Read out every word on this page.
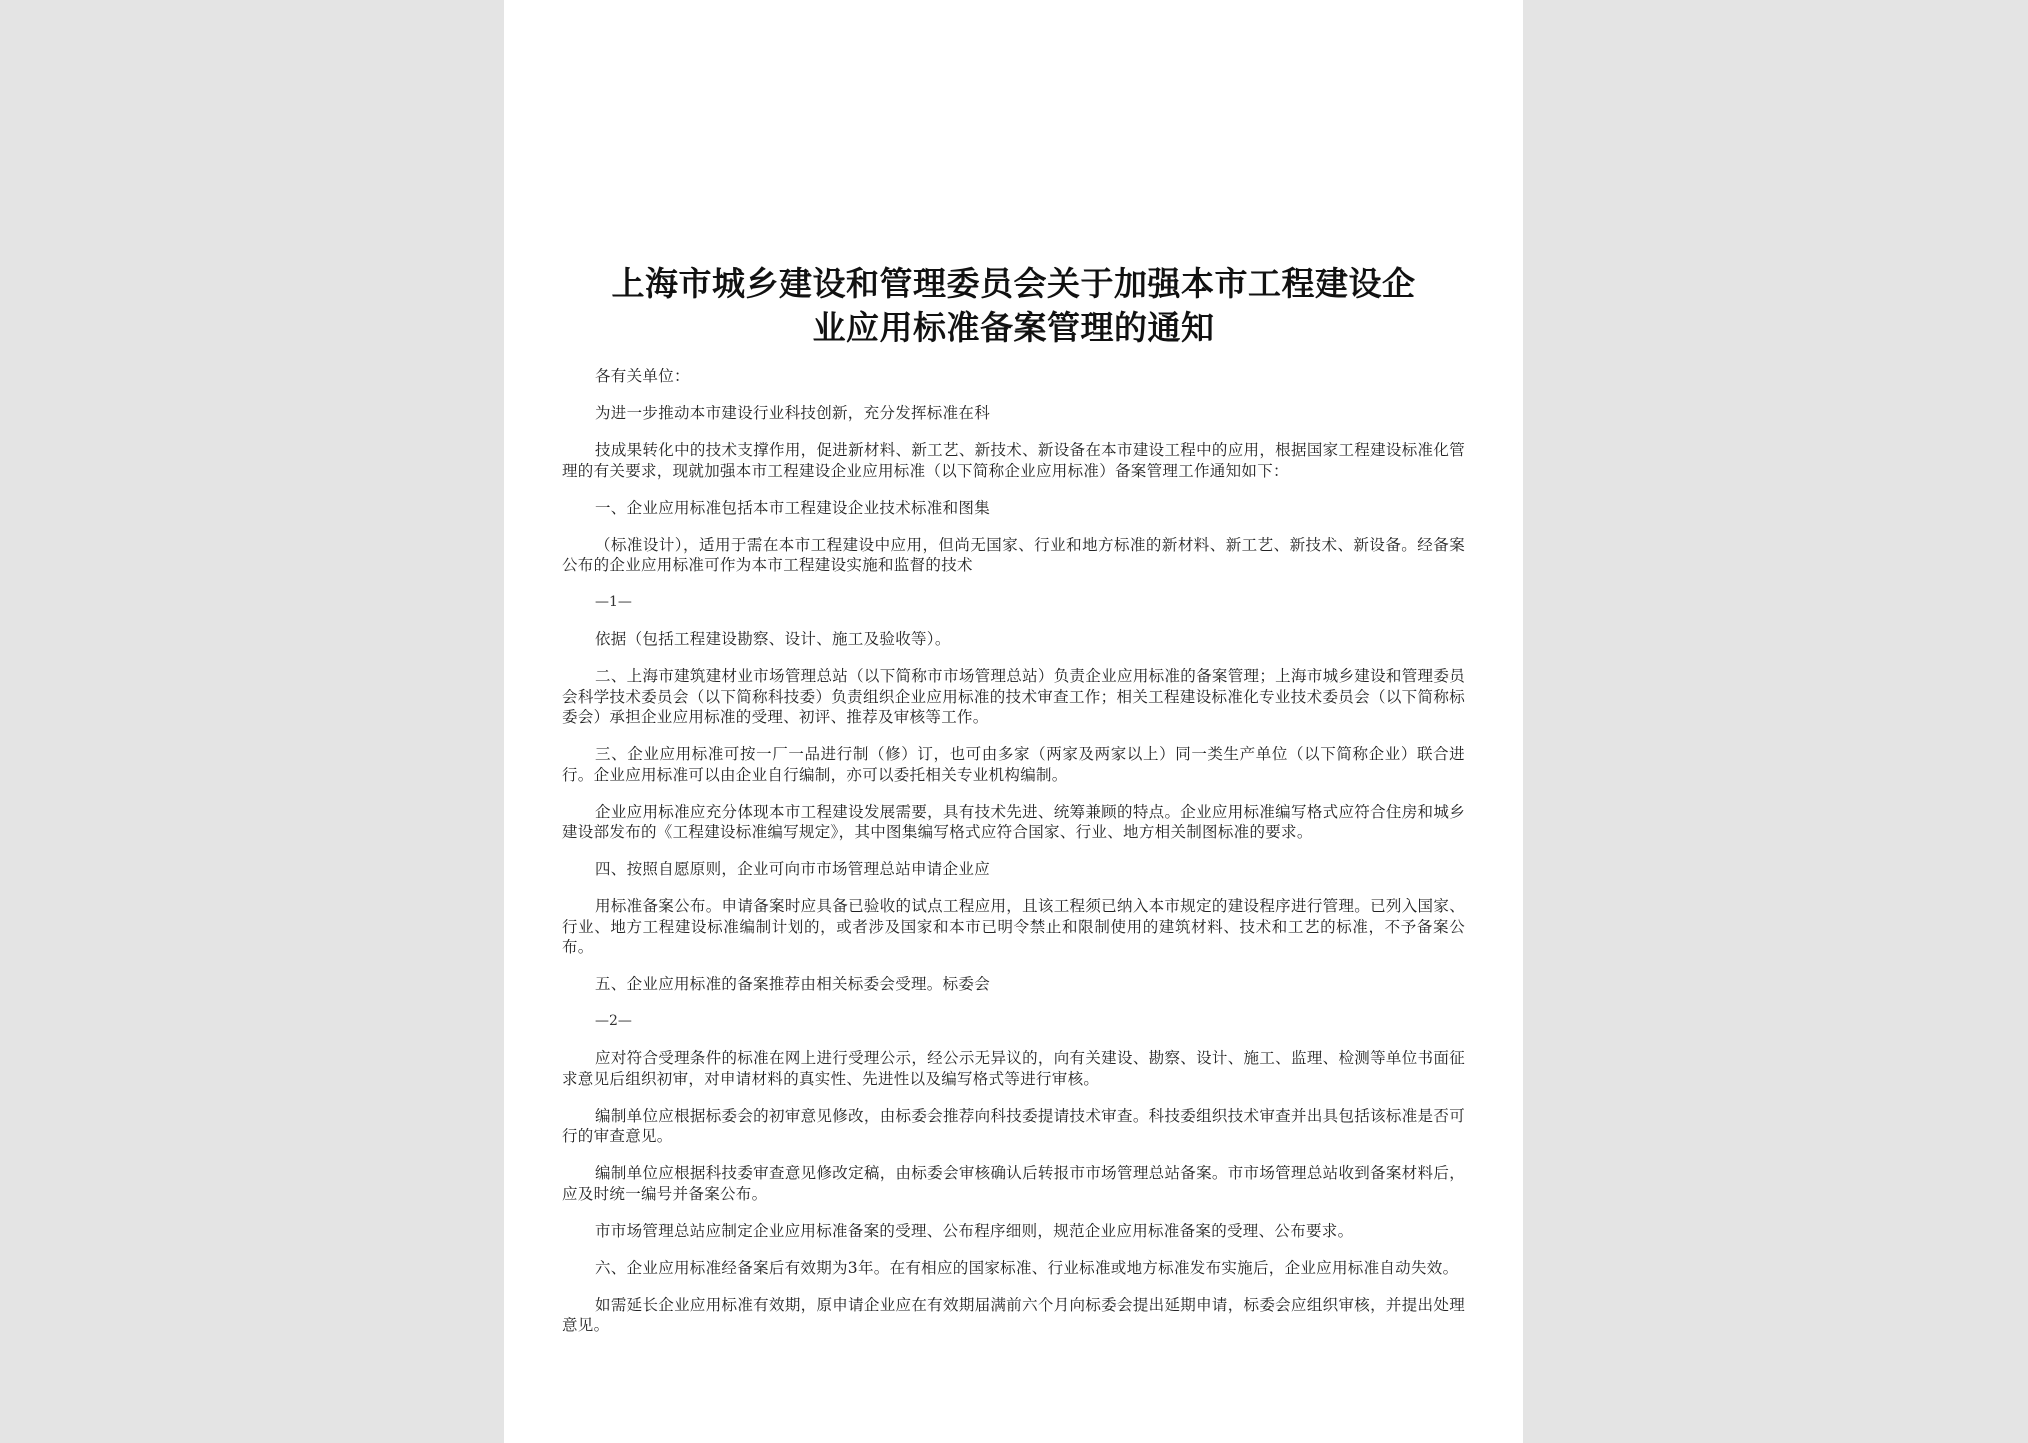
上海市城乡建设和管理委员会关于加强本市工程建设企
业应用标准备案管理的通知

各有关单位：

为进一步推动本市建设行业科技创新，充分发挥标准在科

技成果转化中的技术支撑作用，促进新材料、新工艺、新技术、新设备在本市建设工程中的应用，根据国家工程建设标准化管理的有关要求，现就加强本市工程建设企业应用标准（以下简称企业应用标准）备案管理工作通知如下：

一、企业应用标准包括本市工程建设企业技术标准和图集

（标准设计），适用于需在本市工程建设中应用，但尚无国家、行业和地方标准的新材料、新工艺、新技术、新设备。经备案公布的企业应用标准可作为本市工程建设实施和监督的技术

—1—

依据（包括工程建设勘察、设计、施工及验收等）。

二、上海市建筑建材业市场管理总站（以下简称市市场管理总站）负责企业应用标准的备案管理；上海市城乡建设和管理委员会科学技术委员会（以下简称科技委）负责组织企业应用标准的技术审查工作；相关工程建设标准化专业技术委员会（以下简称标委会）承担企业应用标准的受理、初评、推荐及审核等工作。

三、企业应用标准可按一厂一品进行制（修）订，也可由多家（两家及两家以上）同一类生产单位（以下简称企业）联合进行。企业应用标准可以由企业自行编制，亦可以委托相关专业机构编制。

企业应用标准应充分体现本市工程建设发展需要，具有技术先进、统筹兼顾的特点。企业应用标准编写格式应符合住房和城乡建设部发布的《工程建设标准编写规定》，其中图集编写格式应符合国家、行业、地方相关制图标准的要求。

四、按照自愿原则，企业可向市市场管理总站申请企业应

用标准备案公布。申请备案时应具备已验收的试点工程应用，且该工程须已纳入本市规定的建设程序进行管理。已列入国家、行业、地方工程建设标准编制计划的，或者涉及国家和本市已明令禁止和限制使用的建筑材料、技术和工艺的标准，不予备案公布。

五、企业应用标准的备案推荐由相关标委会受理。标委会

—2—

应对符合受理条件的标准在网上进行受理公示，经公示无异议的，向有关建设、勘察、设计、施工、监理、检测等单位书面征求意见后组织初审，对申请材料的真实性、先进性以及编写格式等进行审核。

编制单位应根据标委会的初审意见修改，由标委会推荐向科技委提请技术审查。科技委组织技术审查并出具包括该标准是否可行的审查意见。

编制单位应根据科技委审查意见修改定稿，由标委会审核确认后转报市市场管理总站备案。市市场管理总站收到备案材料后，应及时统一编号并备案公布。

市市场管理总站应制定企业应用标准备案的受理、公布程序细则，规范企业应用标准备案的受理、公布要求。

六、企业应用标准经备案后有效期为3年。在有相应的国家标准、行业标准或地方标准发布实施后，企业应用标准自动失效。

如需延长企业应用标准有效期，原申请企业应在有效期届满前六个月向标委会提出延期申请，标委会应组织审核，并提出处理意见。
